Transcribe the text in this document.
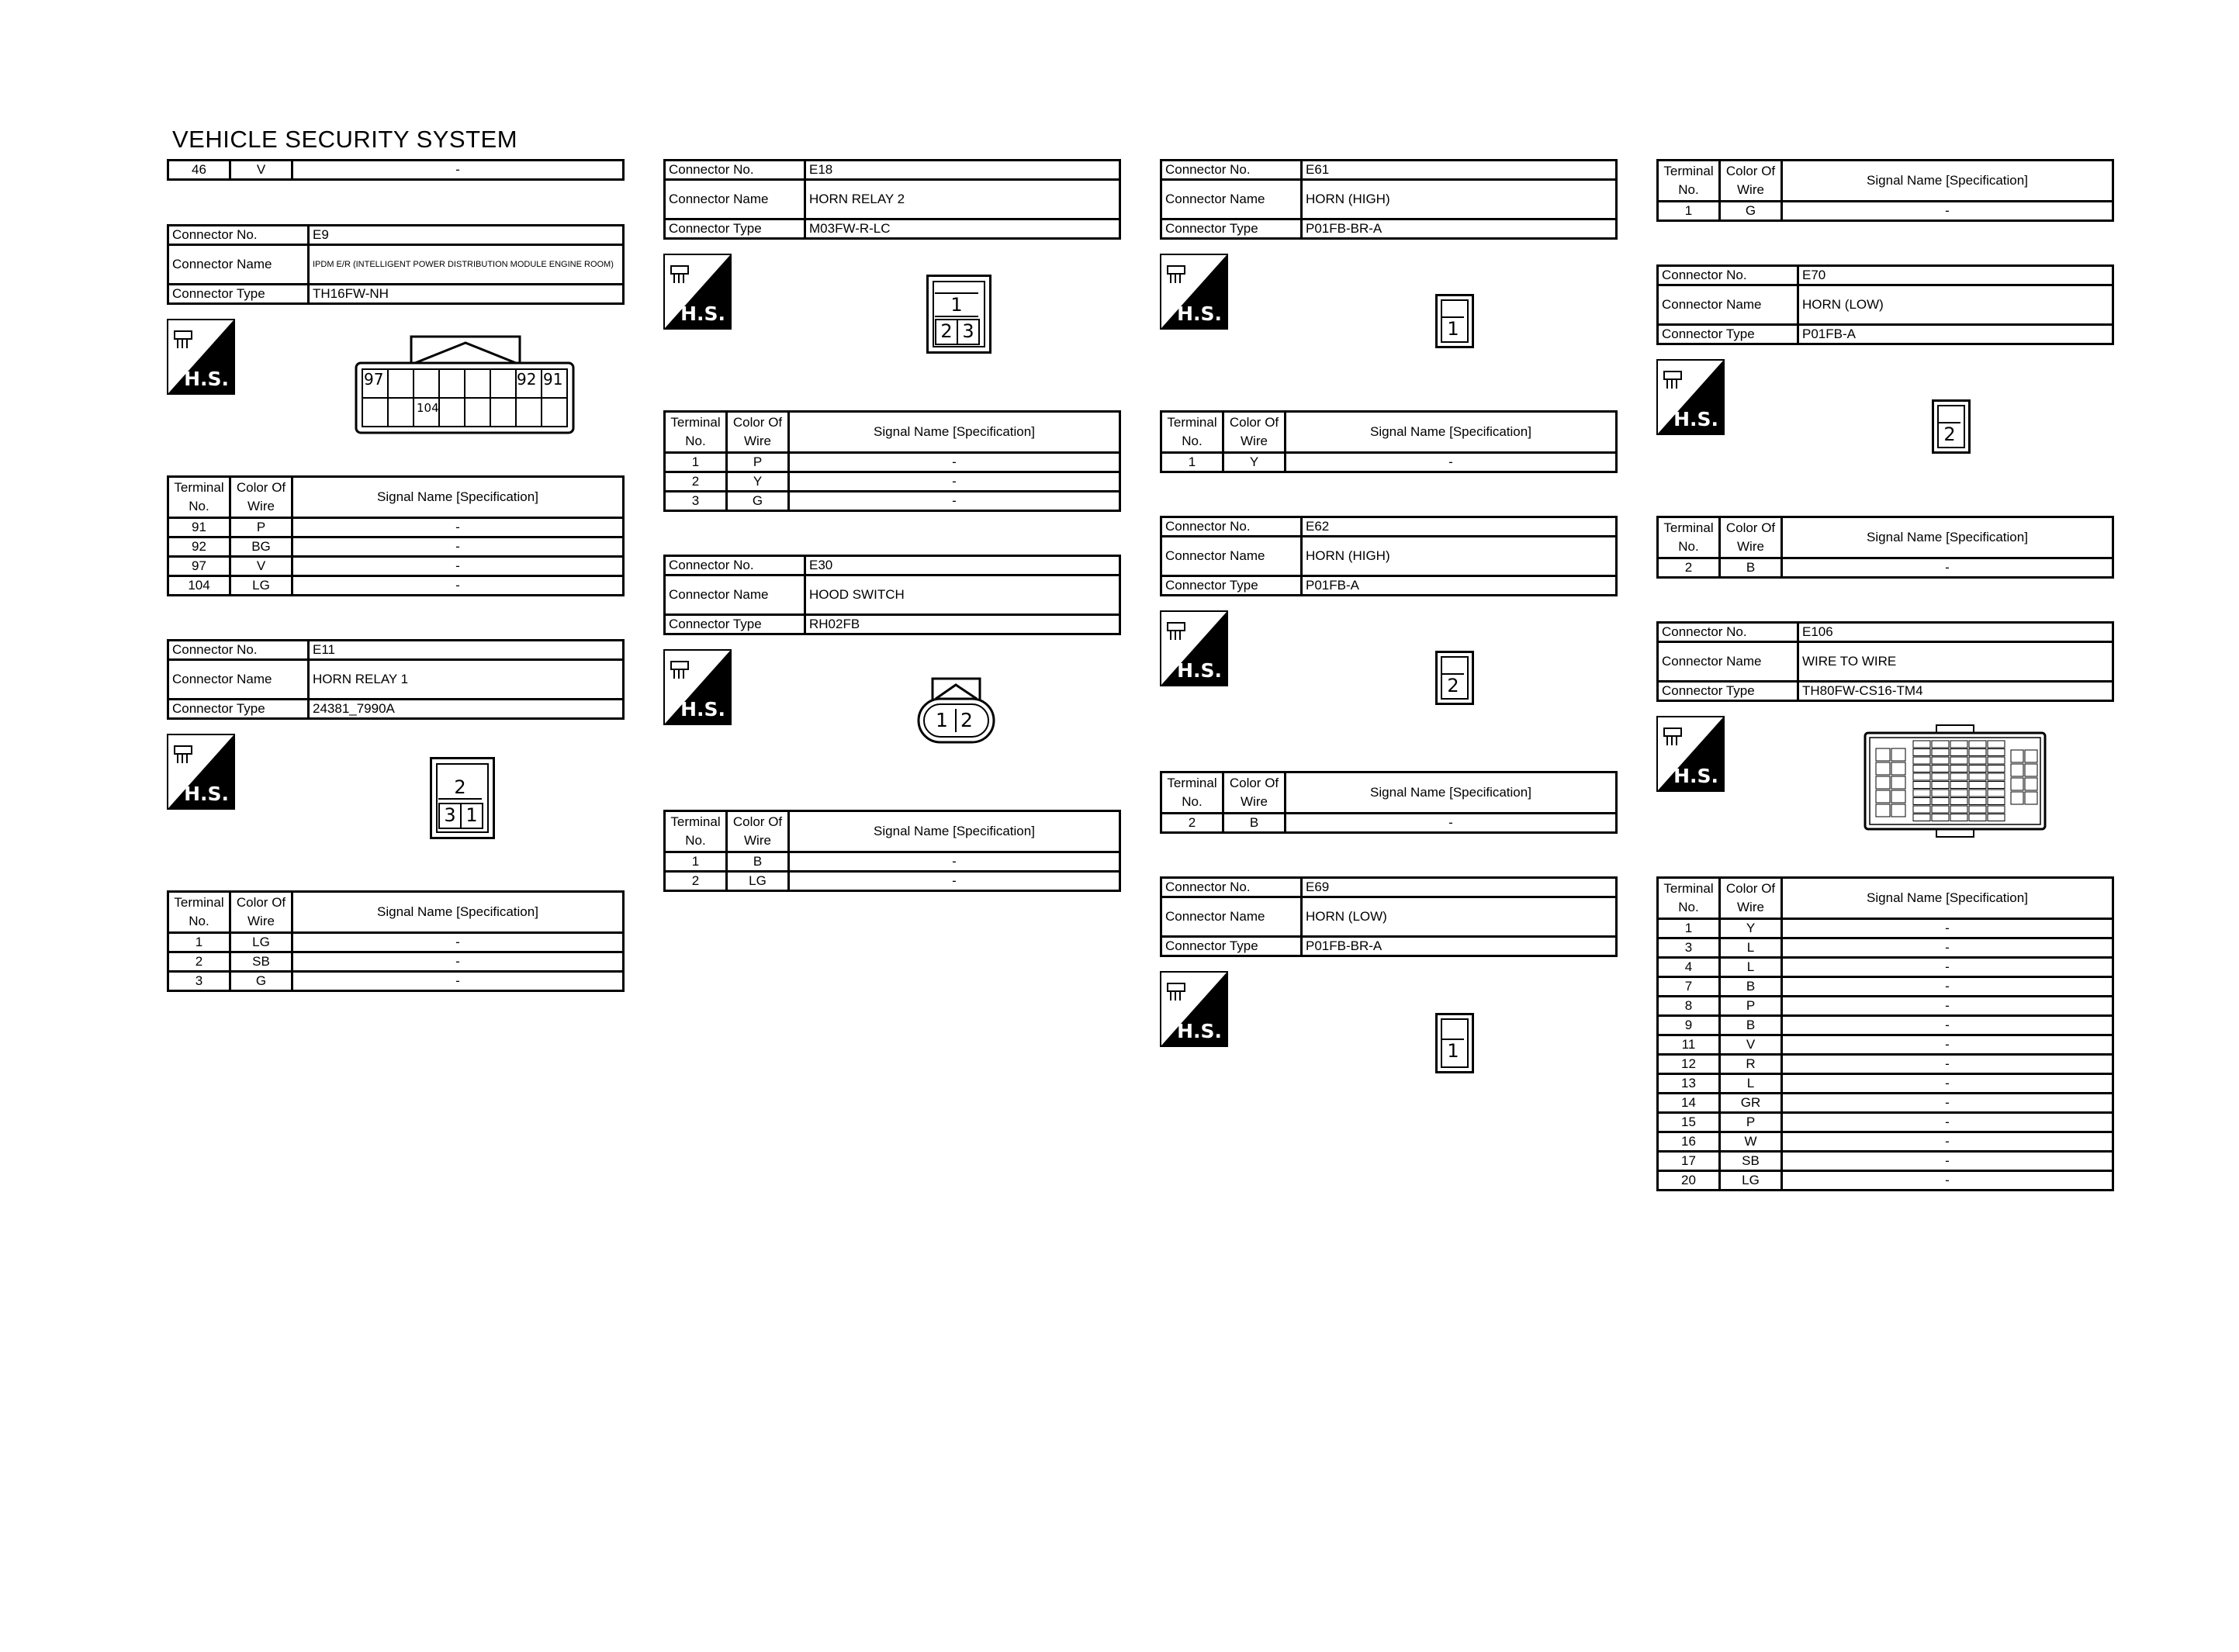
VEHICLE SECURITY SYSTEM
46	V	-
Connector No.	E9
Connector Name	IPDM E/R (INTELLIGENT POWER DISTRIBUTION MODULE ENGINE ROOM)
Connector Type	TH16FW-NH
H.S.	97	92 91
104
Terminal No.	Color Of Wire	Signal Name [Specification]
91	P	-
92	BG	-
97	V	-
104	LG	-
Connector No.	E11
Connector Name	HORN RELAY 1
Connector Type	24381_7990A
H.S.	2
3 1
Terminal No.	Color Of Wire	Signal Name [Specification]
1	LG	-
2	SB	-
3	G	-
Connector No.	E18
Connector Name	HORN RELAY 2
Connector Type	M03FW-R-LC
H.S.	1
2 3
Terminal No.	Color Of Wire	Signal Name [Specification]
1	P	-
2	Y	-
3	G	-
Connector No.	E30
Connector Name	HOOD SWITCH
Connector Type	RH02FB
H.S.	1 2
Terminal No.	Color Of Wire	Signal Name [Specification]
1	B	-
2	LG	-
Connector No.	E61
Connector Name	HORN (HIGH)
Connector Type	P01FB-BR-A
H.S.
1
Terminal No.	Color Of Wire	Signal Name [Specification]
1	Y	-
Connector No.	E62
Connector Name	HORN (HIGH)
Connector Type	P01FB-A
H.S.
2
Terminal No.	Color Of Wire	Signal Name [Specification]
2	B	-
Connector No.	E69
Connector Name	HORN (LOW)
Connector Type	P01FB-BR-A
H.S.
1
Terminal No.	Color Of Wire	Signal Name [Specification]
1	G	-
Connector No.	E70
Connector Name	HORN (LOW)
Connector Type	P01FB-A
H.S.
2
Terminal No.	Color Of Wire	Signal Name [Specification]
2	B	-
Connector No.	E106
Connector Name	WIRE TO WIRE
Connector Type	TH80FW-CS16-TM4
H.S.
Terminal No.	Color Of Wire	Signal Name [Specification]
1	Y	-
3	L	-
4	L	-
7	B	-
8	P	-
9	B	-
11	V	-
12	R	-
13	L	-
14	GR	-
15	P	-
16	W	-
17	SB	-
20	LG	-
